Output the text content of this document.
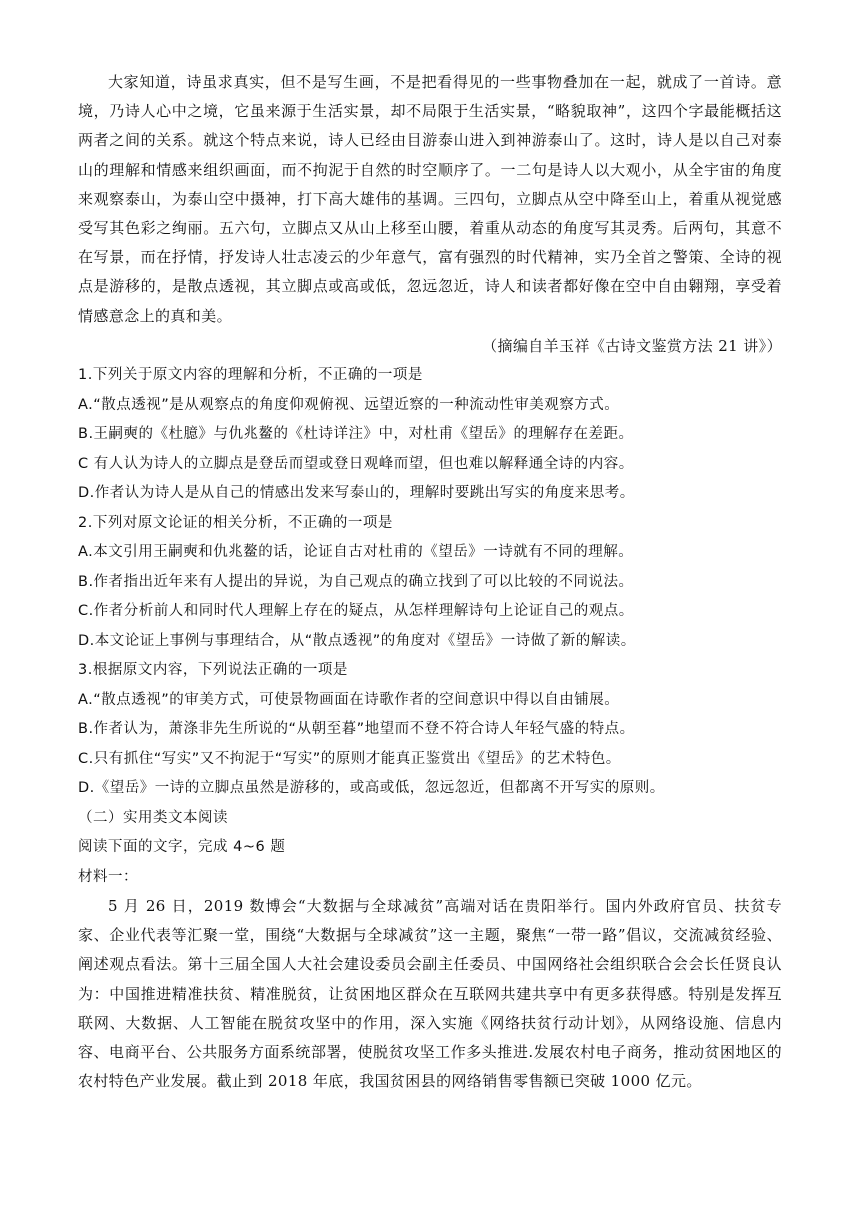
大家知道，诗虽求真实，但不是写生画，不是把看得见的一些事物叠加在一起，就成了一首诗。意境，乃诗人心中之境，它虽来源于生活实景，却不局限于生活实景，“略貌取神”，这四个字最能概括这两者之间的关系。就这个特点来说，诗人已经由目游泰山进入到神游泰山了。这时，诗人是以自己对泰山的理解和情感来组织画面，而不拘泥于自然的时空顺序了。一二句是诗人以大观小，从全宇宙的角度来观察泰山，为泰山空中摄神，打下高大雄伟的基调。三四句，立脚点从空中降至山上，着重从视觉感受写其色彩之绚丽。五六句，立脚点又从山上移至山腰，着重从动态的角度写其灵秀。后两句，其意不在写景，而在抒情，抒发诗人壮志凌云的少年意气，富有强烈的时代精神，实乃全首之警策、全诗的视点是游移的，是散点透视，其立脚点或高或低，忽远忽近，诗人和读者都好像在空中自由翱翔，享受着情感意念上的真和美。

（摘编自羊玉祥《古诗文鉴赏方法 21 讲》）

1.下列关于原文内容的理解和分析，不正确的一项是

A.“散点透视”是从观察点的角度仰观俯视、远望近察的一种流动性审美观察方式。

B.王嗣奭的《杜臆》与仇兆鳌的《杜诗详注》中，对杜甫《望岳》的理解存在差距。

C 有人认为诗人的立脚点是登岳而望或登日观峰而望，但也难以解释通全诗的内容。

D.作者认为诗人是从自己的情感出发来写泰山的，理解时要跳出写实的角度来思考。

2.下列对原文论证的相关分析，不正确的一项是

A.本文引用王嗣奭和仇兆鳌的话，论证自古对杜甫的《望岳》一诗就有不同的理解。

B.作者指出近年来有人提出的异说，为自己观点的确立找到了可以比较的不同说法。

C.作者分析前人和同时代人理解上存在的疑点，从怎样理解诗句上论证自己的观点。

D.本文论证上事例与事理结合，从“散点透视”的角度对《望岳》一诗做了新的解读。

3.根据原文内容，下列说法正确的一项是

A.“散点透视”的审美方式，可使景物画面在诗歌作者的空间意识中得以自由铺展。

B.作者认为，萧涤非先生所说的“从朝至暮”地望而不登不符合诗人年轻气盛的特点。

C.只有抓住“写实”又不拘泥于“写实”的原则才能真正鉴赏出《望岳》的艺术特色。

D.《望岳》一诗的立脚点虽然是游移的，或高或低，忽远忽近，但都离不开写实的原则。

（二）实用类文本阅读

阅读下面的文字，完成 4~6 题

材料一：

5 月 26 日，2019 数博会“大数据与全球减贫”高端对话在贵阳举行。国内外政府官员、扶贫专家、企业代表等汇聚一堂，围绕“大数据与全球减贫”这一主题，聚焦“一带一路”倡议，交流减贫经验、阐述观点看法。第十三届全国人大社会建设委员会副主任委员、中国网络社会组织联合会会长任贤良认为：中国推进精准扶贫、精准脱贫，让贫困地区群众在互联网共建共享中有更多获得感。特别是发挥互联网、大数据、人工智能在脱贫攻坚中的作用，深入实施《网络扶贫行动计划》，从网络设施、信息内容、电商平台、公共服务方面系统部署，使脱贫攻坚工作多头推进.发展农村电子商务，推动贫困地区的农村特色产业发展。截止到 2018 年底，我国贫困县的网络销售零售额已突破 1000 亿元。
